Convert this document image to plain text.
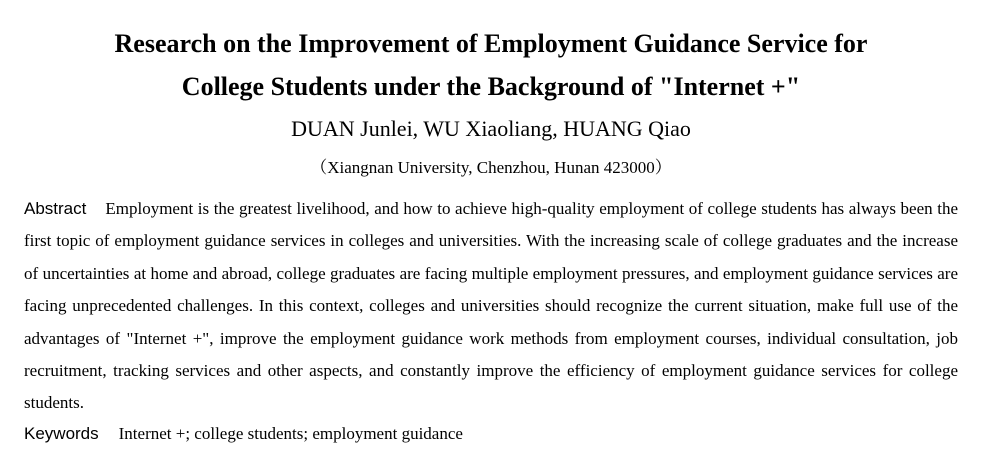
Research on the Improvement of Employment Guidance Service for
College Students under the Background of "Internet +"
DUAN Junlei, WU Xiaoliang, HUANG Qiao
（Xiangnan University, Chenzhou, Hunan 423000）
Abstract Employment is the greatest livelihood, and how to achieve high-quality employment of college students has always been the first topic of employment guidance services in colleges and universities. With the increasing scale of college graduates and the increase of uncertainties at home and abroad, college graduates are facing multiple employment pressures, and employment guidance services are facing unprecedented challenges. In this context, colleges and universities should recognize the current situation, make full use of the advantages of "Internet +", improve the employment guidance work methods from employment courses, individual consultation, job recruitment, tracking services and other aspects, and constantly improve the efficiency of employment guidance services for college students.
Keywords Internet +; college students; employment guidance
